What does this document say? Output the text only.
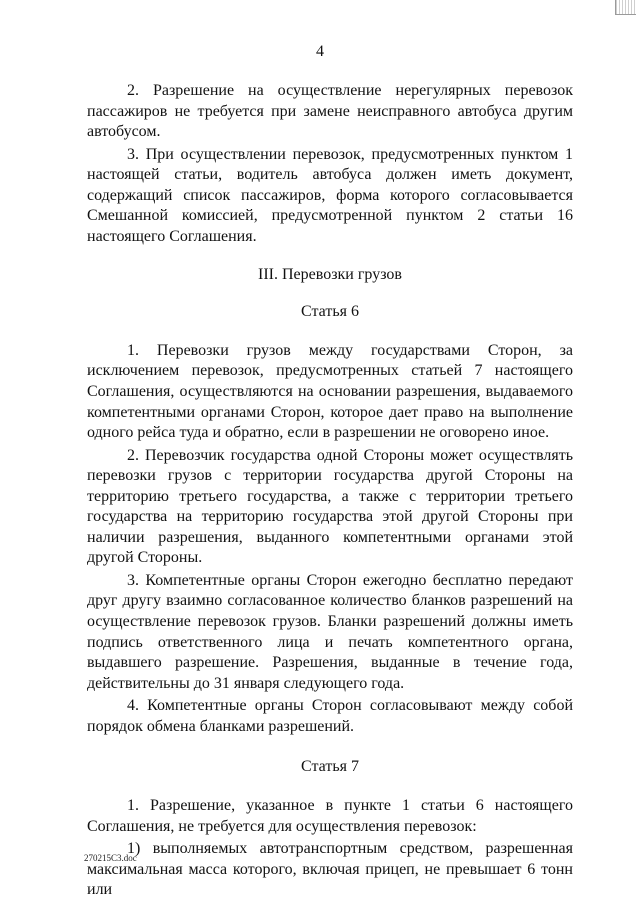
4

2. Разрешение на осуществление нерегулярных перевозок пассажиров не требуется при замене неисправного автобуса другим автобусом.

3. При осуществлении перевозок, предусмотренных пунктом 1 настоящей статьи, водитель автобуса должен иметь документ, содержащий список пассажиров, форма которого согласовывается Смешанной комиссией, предусмотренной пунктом 2 статьи 16 настоящего Соглашения.

III. Перевозки грузов

Статья 6

1. Перевозки грузов между государствами Сторон, за исключением перевозок, предусмотренных статьей 7 настоящего Соглашения, осуществляются на основании разрешения, выдаваемого компетентными органами Сторон, которое дает право на выполнение одного рейса туда и обратно, если в разрешении не оговорено иное.

2. Перевозчик государства одной Стороны может осуществлять перевозки грузов с территории государства другой Стороны на территорию третьего государства, а также с территории третьего государства на территорию государства этой другой Стороны при наличии разрешения, выданного компетентными органами этой другой Стороны.

3. Компетентные органы Сторон ежегодно бесплатно передают друг другу взаимно согласованное количество бланков разрешений на осуществление перевозок грузов. Бланки разрешений должны иметь подпись ответственного лица и печать компетентного органа, выдавшего разрешение. Разрешения, выданные в течение года, действительны до 31 января следующего года.

4. Компетентные органы Сторон согласовывают между собой порядок обмена бланками разрешений.

Статья 7

1. Разрешение, указанное в пункте 1 статьи 6 настоящего Соглашения, не требуется для осуществления перевозок:

1) выполняемых автотранспортным средством, разрешенная максимальная масса которого, включая прицеп, не превышает 6 тонн или

270215C3.doc
